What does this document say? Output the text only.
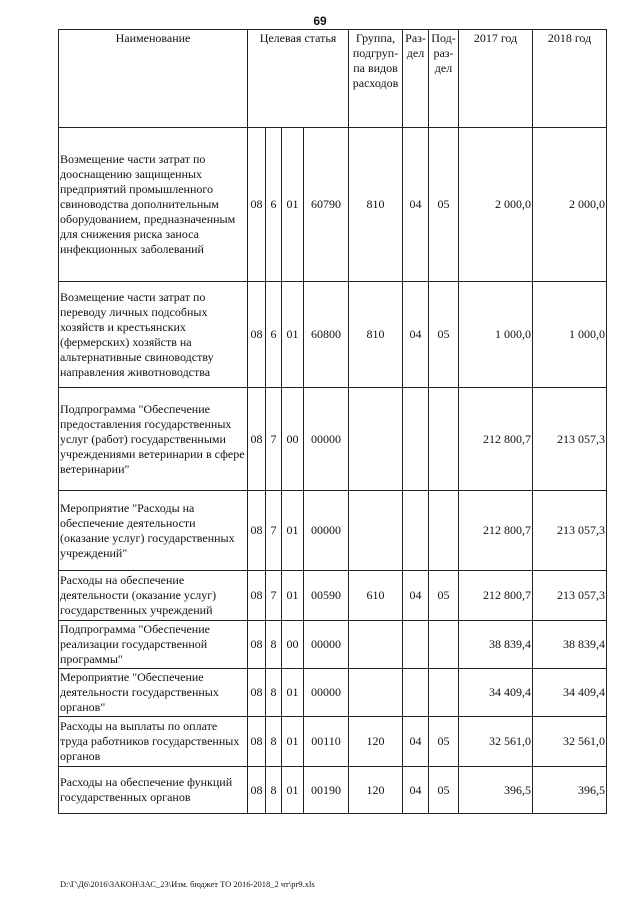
69
Наименование	Целевая статья				Группа, подгруп-па видов расходов	Раз-дел	Под-раз-дел	2017 год	2018 год
Возмещение части затрат по дооснащению защищенных предприятий промышленного свиноводства дополнительным оборудованием, предназначенным для снижения риска заноса инфекционных заболеваний	08	6	01	60790	810	04	05	2 000,0	2 000,0
Возмещение части затрат по переводу личных подсобных хозяйств и крестьянских (фермерских) хозяйств на альтернативные свиноводству направления животноводства	08	6	01	60800	810	04	05	1 000,0	1 000,0
Подпрограмма "Обеспечение предоставления государственных услуг (работ) государственными учреждениями ветеринарии в сфере ветеринарии"	08	7	00	00000				212 800,7	213 057,3
Мероприятие "Расходы на обеспечение деятельности (оказание услуг) государственных учреждений"	08	7	01	00000				212 800,7	213 057,3
Расходы на обеспечение деятельности (оказание услуг) государственных учреждений	08	7	01	00590	610	04	05	212 800,7	213 057,3
Подпрограмма "Обеспечение реализации государственной программы"	08	8	00	00000				38 839,4	38 839,4
Мероприятие "Обеспечение деятельности государственных органов"	08	8	01	00000				34 409,4	34 409,4
Расходы на выплаты по оплате труда работников государственных органов	08	8	01	00110	120	04	05	32 561,0	32 561,0
Расходы на обеспечение функций государственных органов	08	8	01	00190	120	04	05	396,5	396,5
D:\Г\Д6\2016\ЗАКОН\ЗАС_23\Изм. бюджет ТО 2016-2018_2 чт\pr9.xls
